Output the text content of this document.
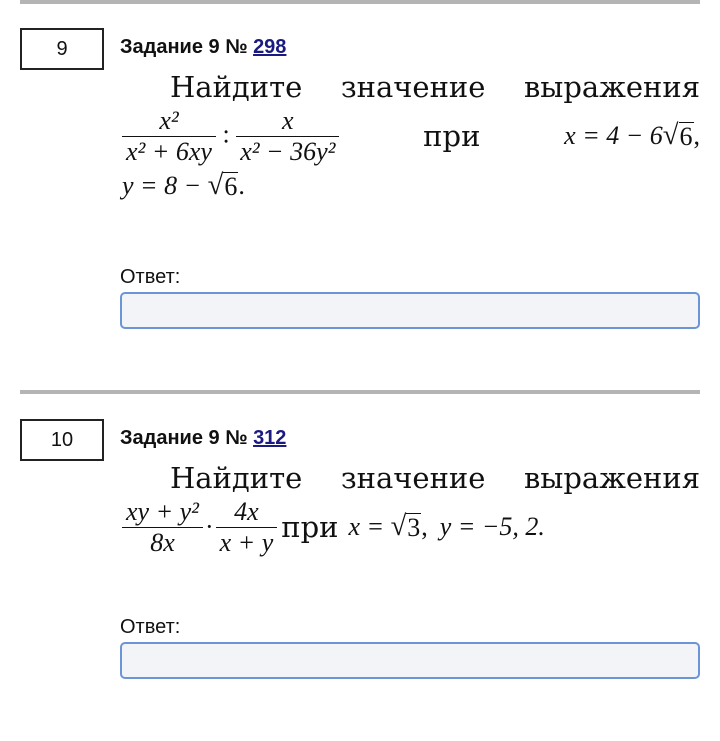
9	Задание 9 № 298
Найдите значение выражения
$\frac{\text{x²}}{\text{x² + 6xy}}$ : $\frac{x}{\text{x² − 36y²}}$	при	x = 4 − 6 √ 6 ,
y = 8 − √ 6 .
Ответ:
10	Задание 9 № 312
Найдите значение выражения
$\frac{\text{xy + y²}}{8x} \cdot \frac{4x}{x + y}$ при x = √ 3 , y = −5, 2.
Ответ:
